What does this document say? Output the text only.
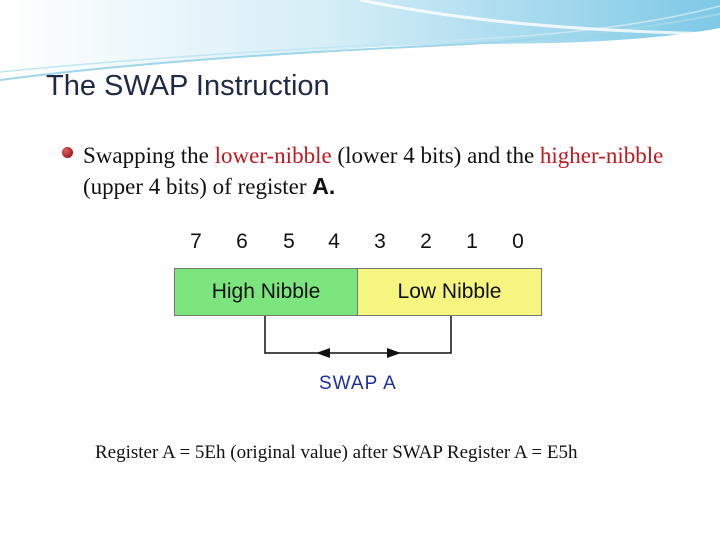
The SWAP Instruction
Swapping the lower-nibble (lower 4 bits) and the higher-nibble (upper 4 bits) of register A.
7	6	5	4	3	2	1	0
High Nibble	Low Nibble
SWAP A
Register A = 5Eh (original value) after SWAP Register A = E5h
